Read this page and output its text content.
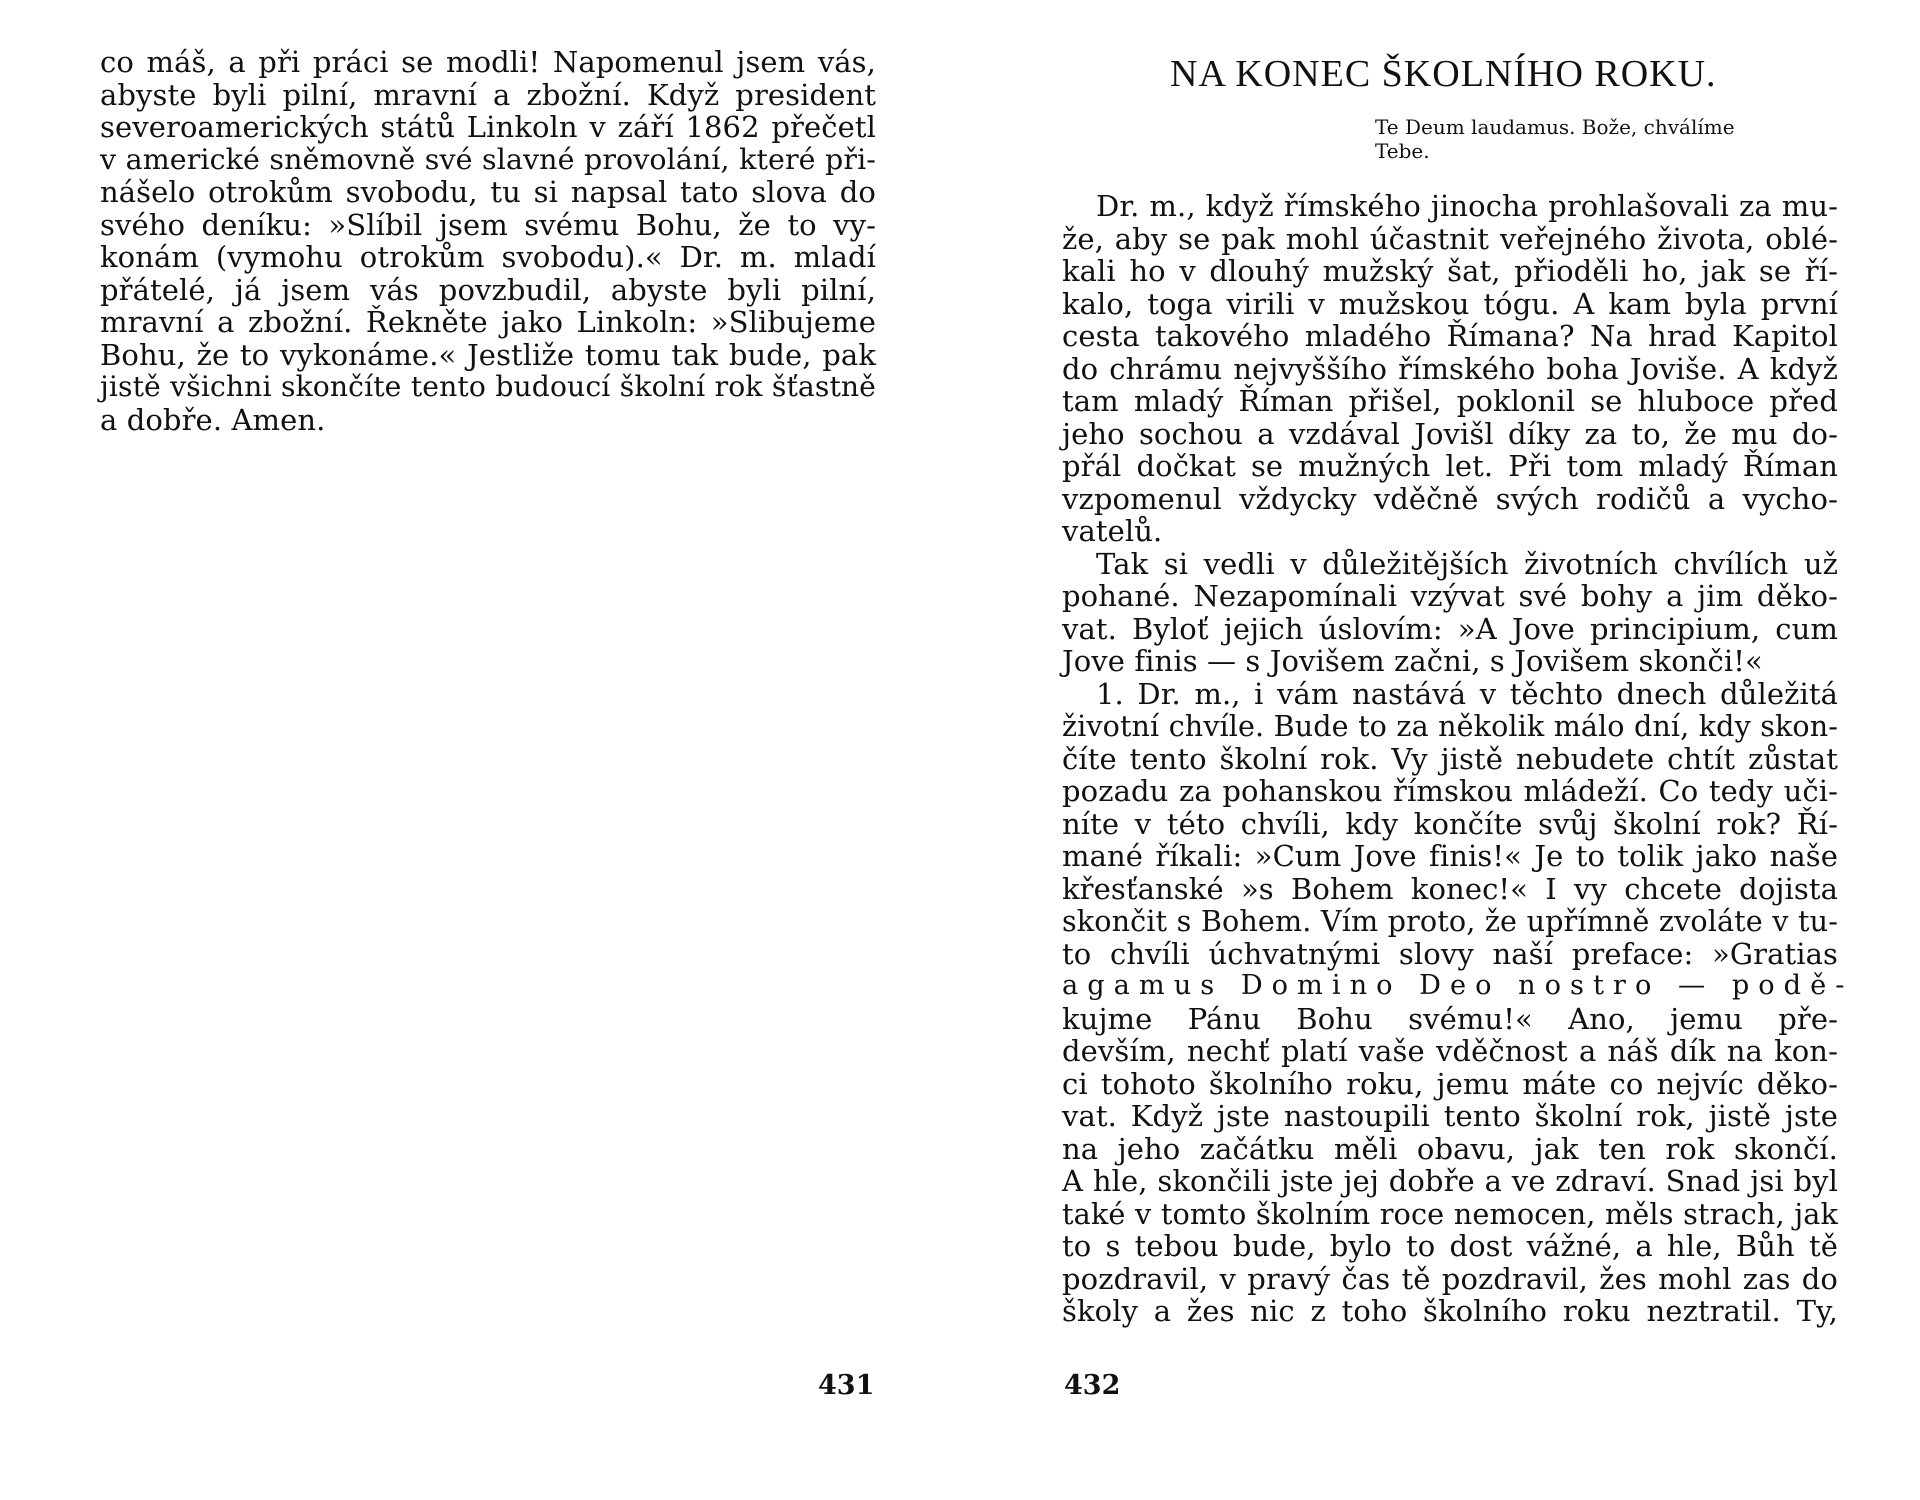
co máš, a při práci se modli! Napomenul jsem vás,
abyste byli pilní, mravní a zbožní. Když president
severoamerických států Linkoln v září 1862 přečetl
v americké sněmovně své slavné provolání, které při-
nášelo otrokům svobodu, tu si napsal tato slova do
svého deníku: »Slíbil jsem svému Bohu, že to vy-
konám (vymohu otrokům svobodu).« Dr. m. mladí
přátelé, já jsem vás povzbudil, abyste byli pilní,
mravní a zbožní. Řekněte jako Linkoln: »Slibujeme
Bohu, že to vykonáme.« Jestliže tomu tak bude, pak
jistě všichni skončíte tento budoucí školní rok šťastně
a dobře. Amen.
431
NA KONEC ŠKOLNÍHO ROKU.
Te Deum laudamus. Bože, chválíme
Tebe.
Dr. m., když římského jinocha prohlašovali za mu-
že, aby se pak mohl účastnit veřejného života, oblé-
kali ho v dlouhý mužský šat, přioděli ho, jak se ří-
kalo, toga virili v mužskou tógu. A kam byla první
cesta takového mladého Římana? Na hrad Kapitol
do chrámu nejvyššího římského boha Joviše. A když
tam mladý Říman přišel, poklonil se hluboce před
jeho sochou a vzdával Jovišl díky za to, že mu do-
přál dočkat se mužných let. Při tom mladý Říman
vzpomenul vždycky vděčně svých rodičů a vycho-
vatelů.
Tak si vedli v důležitějších životních chvílích už
pohané. Nezapomínali vzývat své bohy a jim děko-
vat. Byloť jejich úslovím: »A Jove principium, cum
Jove finis — s Jovišem začni, s Jovišem skonči!«
1. Dr. m., i vám nastává v těchto dnech důležitá
životní chvíle. Bude to za několik málo dní, kdy skon-
číte tento školní rok. Vy jistě nebudete chtít zůstat
pozadu za pohanskou římskou mládeží. Co tedy uči-
níte v této chvíli, kdy končíte svůj školní rok? Ří-
mané říkali: »Cum Jove finis!« Je to tolik jako naše
křesťanské »s Bohem konec!« I vy chcete dojista
skončit s Bohem. Vím proto, že upřímně zvoláte v tu-
to chvíli úchvatnými slovy naší preface: »Gratias
agamus Domino Deo nostro — podě-
kujme Pánu Bohu svému!« Ano, jemu pře-
devším, nechť platí vaše vděčnost a náš dík na kon-
ci tohoto školního roku, jemu máte co nejvíc děko-
vat. Když jste nastoupili tento školní rok, jistě jste
na jeho začátku měli obavu, jak ten rok skončí.
A hle, skončili jste jej dobře a ve zdraví. Snad jsi byl
také v tomto školním roce nemocen, měls strach, jak
to s tebou bude, bylo to dost vážné, a hle, Bůh tě
pozdravil, v pravý čas tě pozdravil, žes mohl zas do
školy a žes nic z toho školního roku neztratil. Ty,
432
